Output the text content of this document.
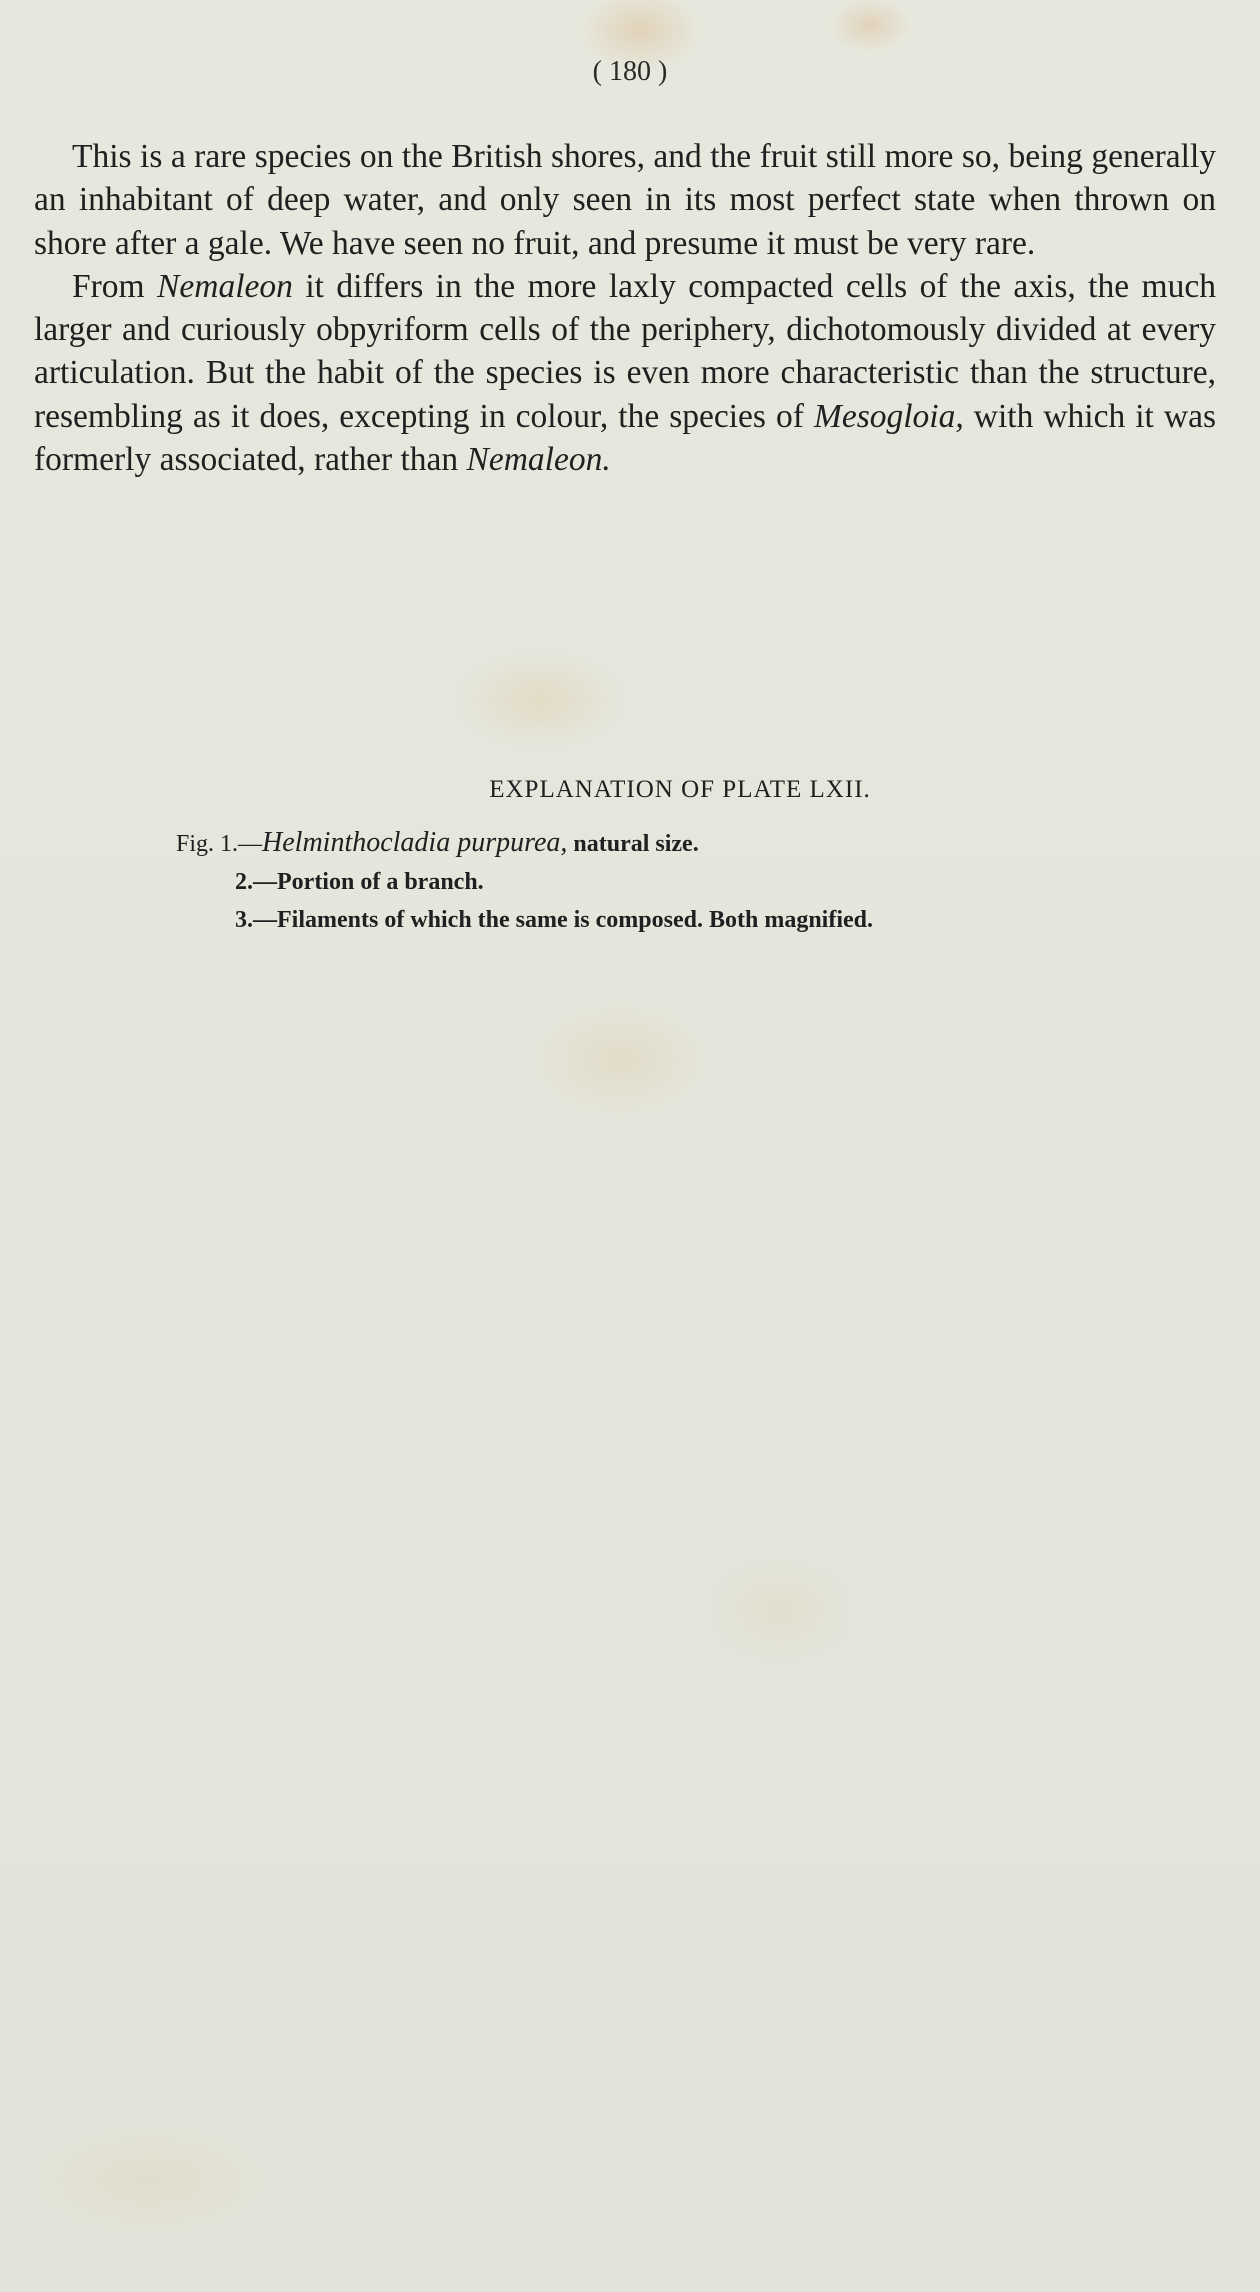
( 180 )

This is a rare species on the British shores, and the fruit still more so, being generally an inhabitant of deep water, and only seen in its most perfect state when thrown on shore after a gale. We have seen no fruit, and presume it must be very rare.

From Nemaleon it differs in the more laxly compacted cells of the axis, the much larger and curiously obpyriform cells of the periphery, dichotomously divided at every articulation. But the habit of the species is even more characteristic than the structure, resembling as it does, excepting in colour, the species of Mesogloia, with which it was formerly associated, rather than Nemaleon.

EXPLANATION OF PLATE LXII.
Fig. 1.—Helminthocladia purpurea, natural size.
2.—Portion of a branch.
3.—Filaments of which the same is composed. Both magnified.
